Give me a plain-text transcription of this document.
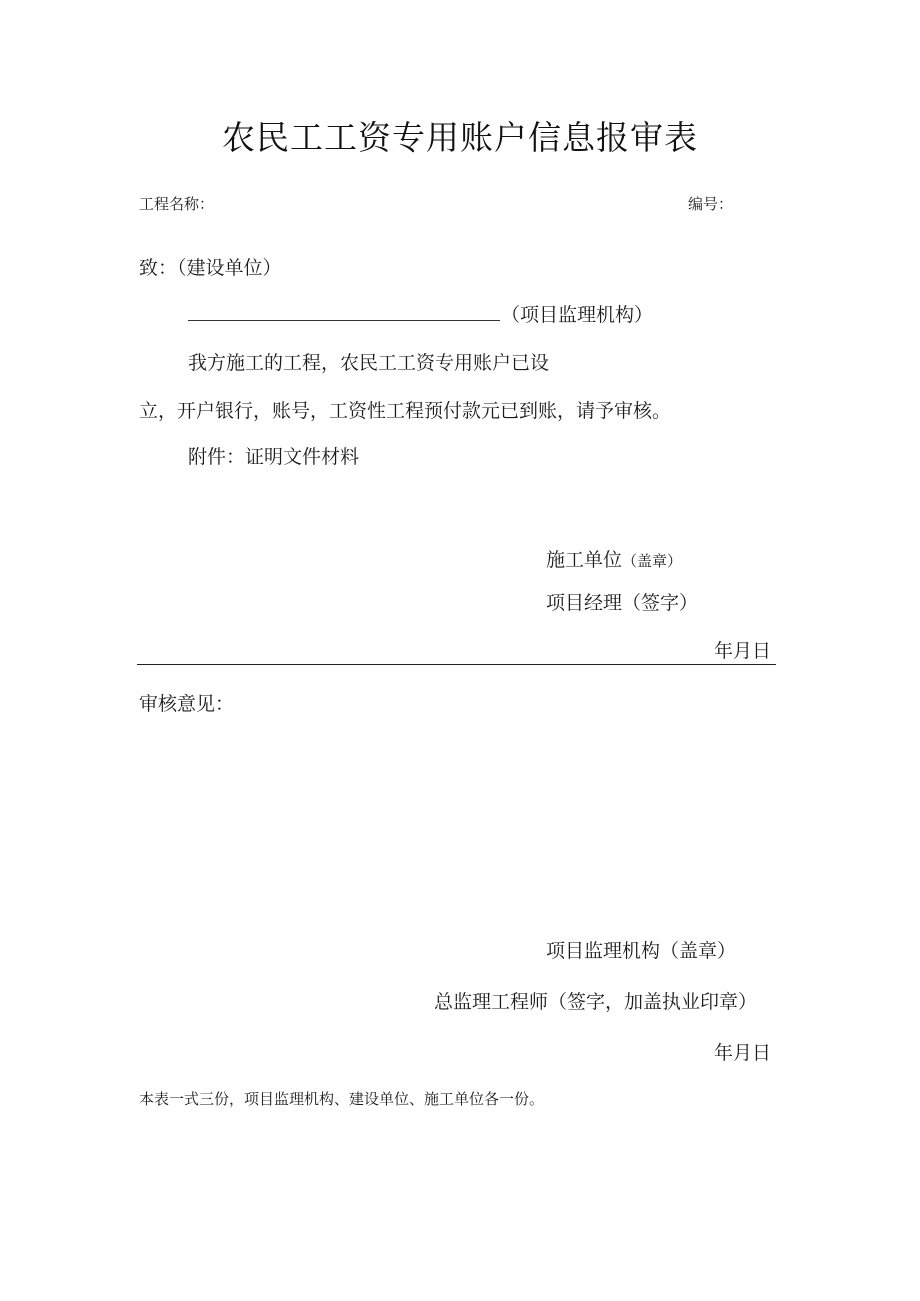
农民工工资专用账户信息报审表
工程名称：	编号：
致：（建设单位）
（项目监理机构）
我方施工的工程，农民工工资专用账户已设
立，开户银行，账号，工资性工程预付款元已到账，请予审核。
附件：证明文件材料
施工单位（盖章）
项目经理（签字）
年月日
审核意见：
项目监理机构（盖章）
总监理工程师（签字，加盖执业印章）
年月日
本表一式三份，项目监理机构、建设单位、施工单位各一份。
